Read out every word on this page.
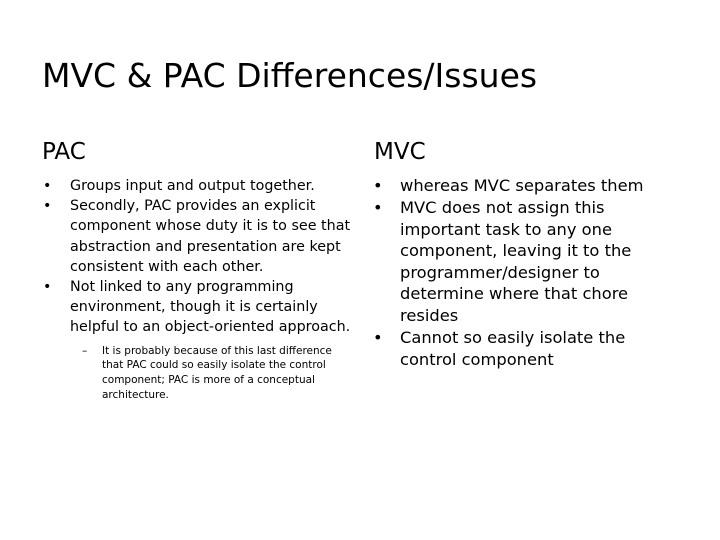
MVC & PAC Differences/Issues
PAC	MVC
• Groups input and output together.
• Secondly, PAC provides an explicit component whose duty it is to see that abstraction and presentation are kept consistent with each other.
• Not linked to any programming environment, though it is certainly helpful to an object-oriented approach.
– It is probably because of this last difference that PAC could so easily isolate the control component; PAC is more of a conceptual architecture.
• whereas MVC separates them
• MVC does not assign this important task to any one component, leaving it to the programmer/designer to determine where that chore resides
• Cannot so easily isolate the control component
